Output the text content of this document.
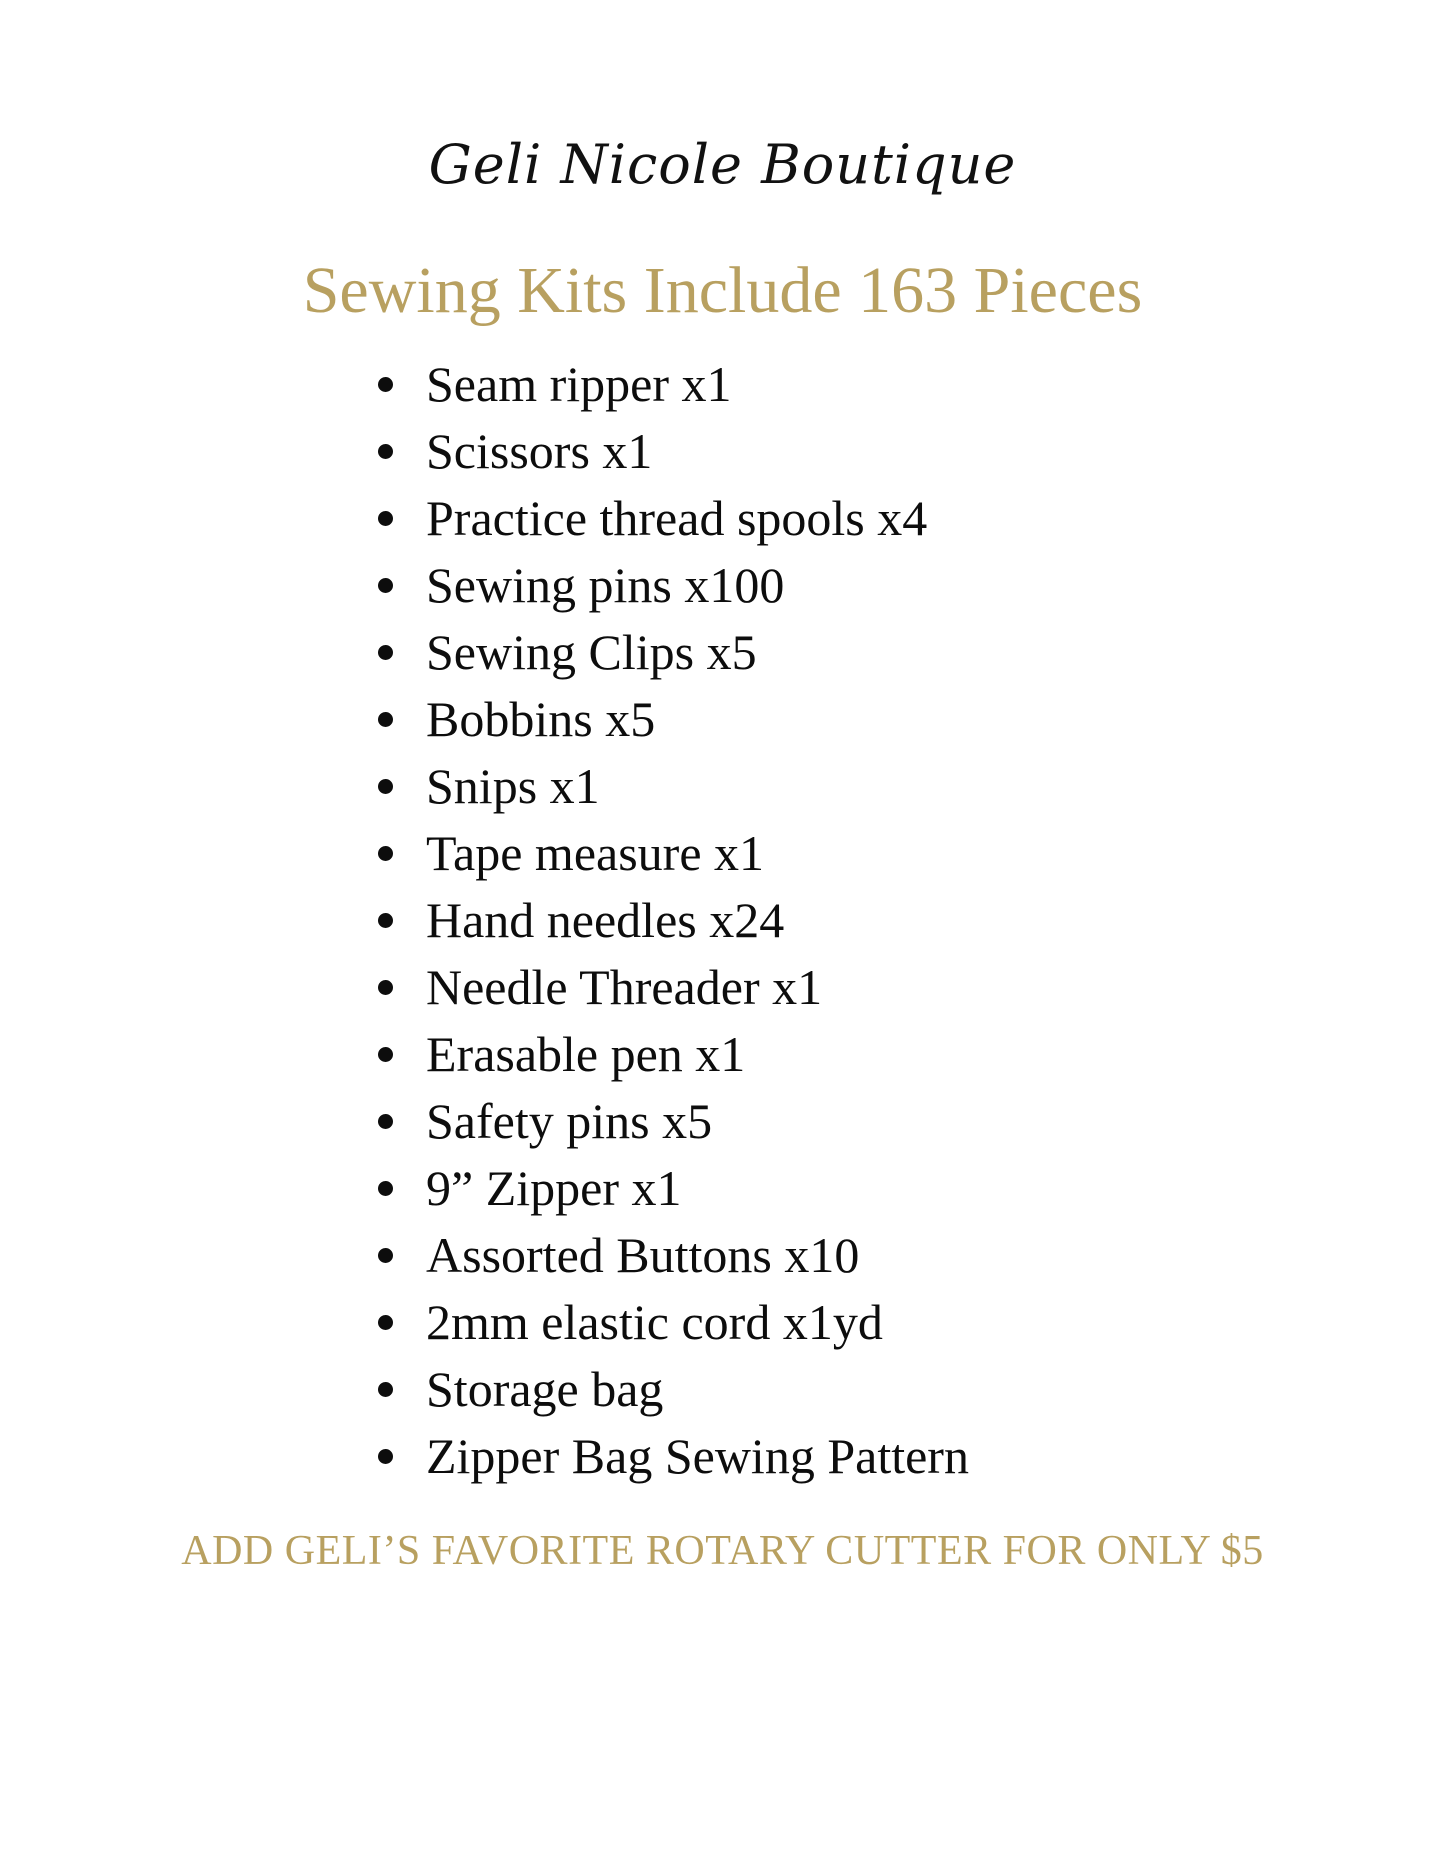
Geli Nicole Boutique
Sewing Kits Include 163 Pieces
Seam ripper x1
Scissors x1
Practice thread spools x4
Sewing pins x100
Sewing Clips x5
Bobbins x5
Snips x1
Tape measure x1
Hand needles x24
Needle Threader x1
Erasable pen x1
Safety pins x5
9” Zipper x1
Assorted Buttons x10
2mm elastic cord x1yd
Storage bag
Zipper Bag Sewing Pattern
ADD GELI’S FAVORITE ROTARY CUTTER FOR ONLY $5
